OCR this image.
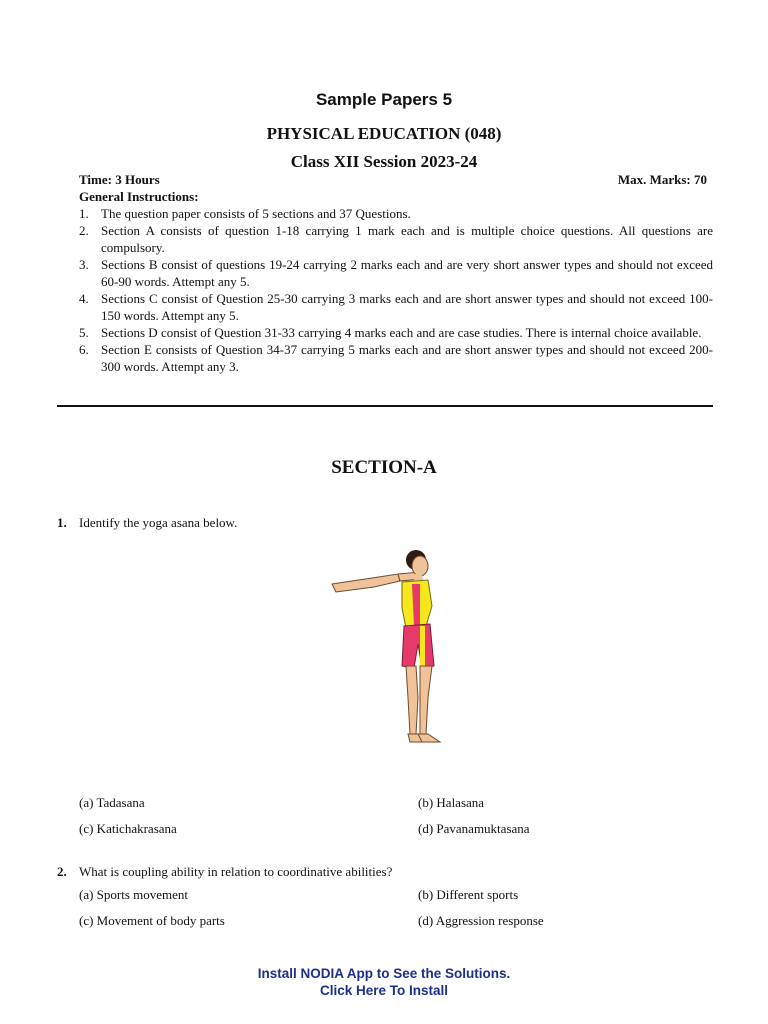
Sample Papers 5
PHYSICAL EDUCATION (048)
Class XII Session 2023-24
Time: 3 Hours	Max. Marks: 70
General Instructions:
1. The question paper consists of 5 sections and 37 Questions.
2. Section A consists of question 1-18 carrying 1 mark each and is multiple choice questions. All questions are compulsory.
3. Sections B consist of questions 19-24 carrying 2 marks each and are very short answer types and should not exceed 60-90 words. Attempt any 5.
4. Sections C consist of Question 25-30 carrying 3 marks each and are short answer types and should not exceed 100-150 words. Attempt any 5.
5. Sections D consist of Question 31-33 carrying 4 marks each and are case studies. There is internal choice available.
6. Section E consists of Question 34-37 carrying 5 marks each and are short answer types and should not exceed 200-300 words. Attempt any 3.
SECTION-A
1. Identify the yoga asana below.
(a) Tadasana	(b) Halasana
(c) Katichakrasana	(d) Pavanamuktasana
2. What is coupling ability in relation to coordinative abilities?
(a) Sports movement	(b) Different sports
(c) Movement of body parts	(d) Aggression response
Install NODIA App to See the Solutions.
Click Here To Install
